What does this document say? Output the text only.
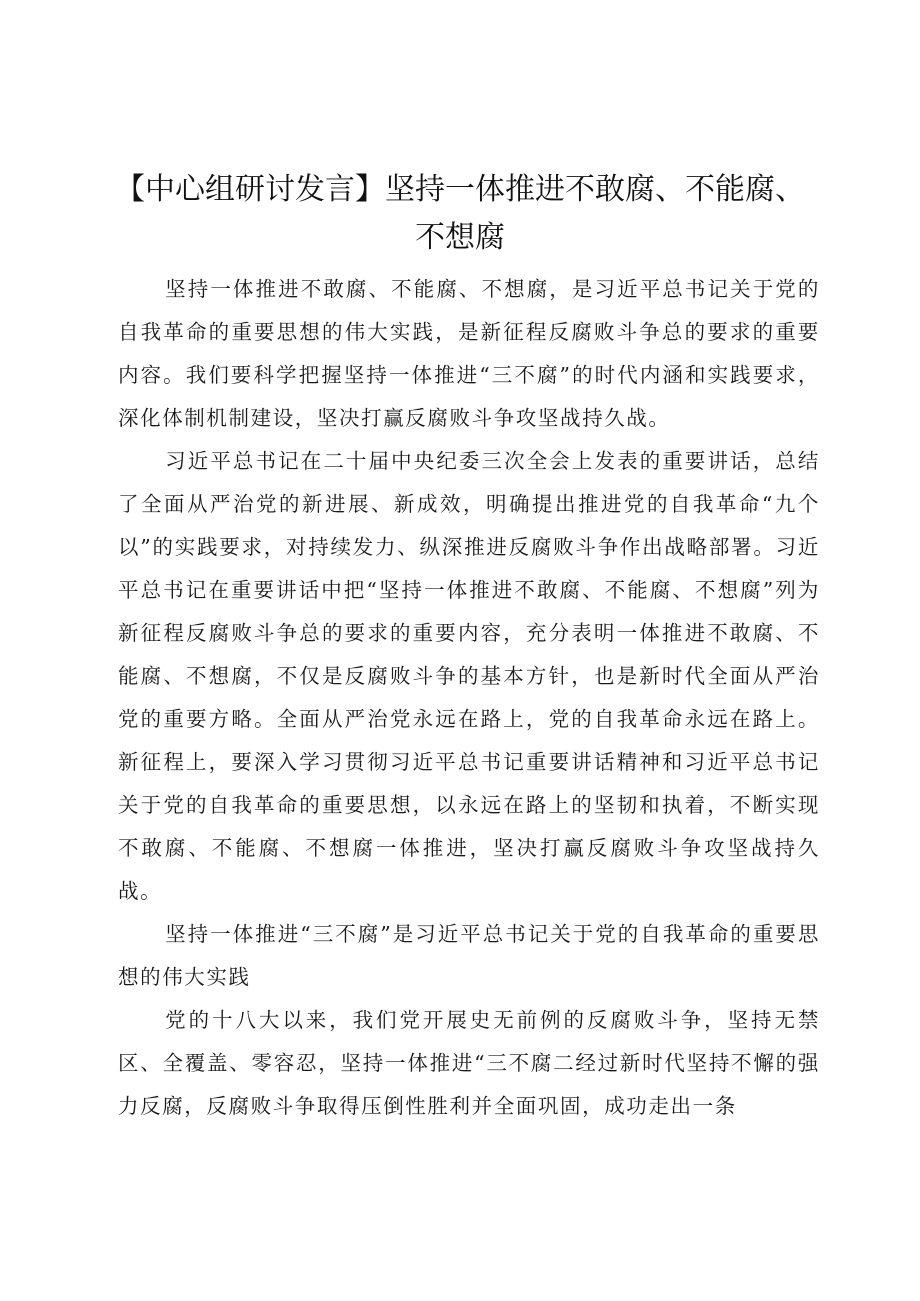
【中心组研讨发言】坚持一体推进不敢腐、不能腐、不想腐

坚持一体推进不敢腐、不能腐、不想腐，是习近平总书记关于党的自我革命的重要思想的伟大实践，是新征程反腐败斗争总的要求的重要内容。我们要科学把握坚持一体推进“三不腐”的时代内涵和实践要求，深化体制机制建设，坚决打赢反腐败斗争攻坚战持久战。

习近平总书记在二十届中央纪委三次全会上发表的重要讲话，总结了全面从严治党的新进展、新成效，明确提出推进党的自我革命“九个以”的实践要求，对持续发力、纵深推进反腐败斗争作出战略部署。习近平总书记在重要讲话中把“坚持一体推进不敢腐、不能腐、不想腐”列为新征程反腐败斗争总的要求的重要内容，充分表明一体推进不敢腐、不能腐、不想腐，不仅是反腐败斗争的基本方针，也是新时代全面从严治党的重要方略。全面从严治党永远在路上，党的自我革命永远在路上。新征程上，要深入学习贯彻习近平总书记重要讲话精神和习近平总书记关于党的自我革命的重要思想，以永远在路上的坚韧和执着，不断实现不敢腐、不能腐、不想腐一体推进，坚决打赢反腐败斗争攻坚战持久战。

坚持一体推进“三不腐”是习近平总书记关于党的自我革命的重要思想的伟大实践

党的十八大以来，我们党开展史无前例的反腐败斗争，坚持无禁区、全覆盖、零容忍，坚持一体推进“三不腐二经过新时代坚持不懈的强力反腐，反腐败斗争取得压倒性胜利并全面巩固，成功走出一条
